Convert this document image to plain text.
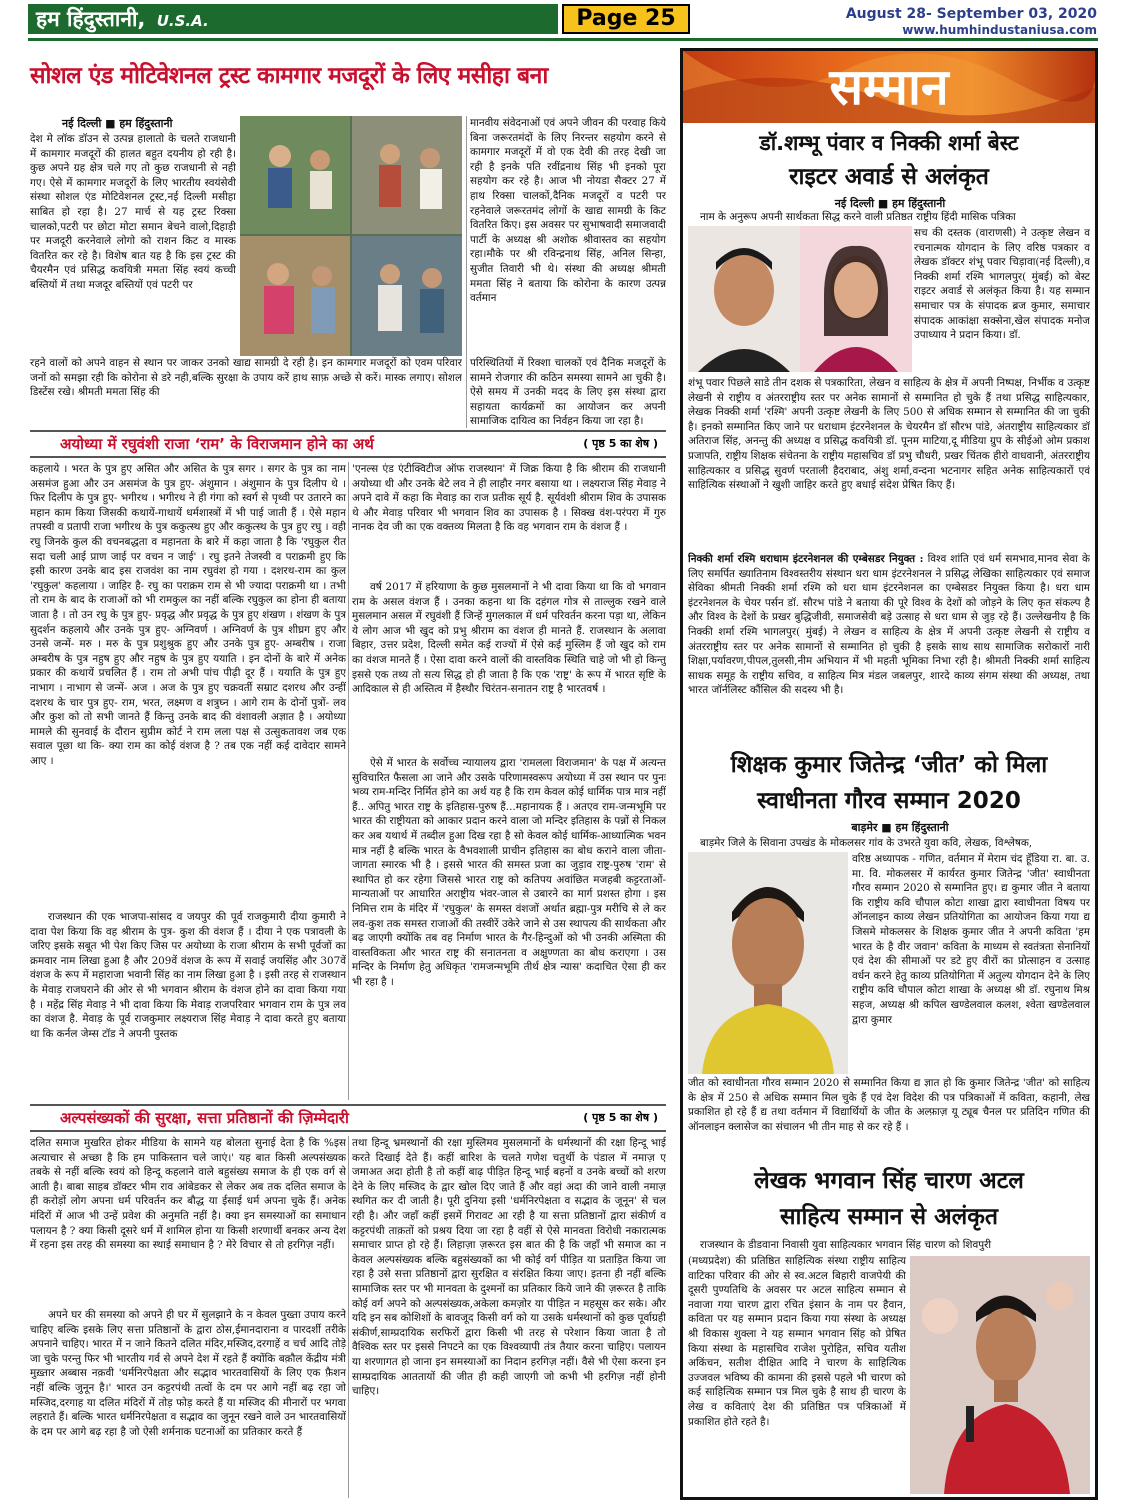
हम हिंदुस्तानी, U.S.A.	Page 25	August 28- September 03, 2020
www.humhindustaniusa.com
सोशल एंड मोटिवेशनल ट्रस्ट कामगार मजदूरों के लिए मसीहा बना
नई दिल्ली ■ हम हिंदुस्तानी
देश मे लॉक डॉउन से उत्पन्न हालातो के चलते राजधानी में कामगार मजदूरों की हालत बहुत दयनीय हो रही है।कुछ अपने ग्रह क्षेत्र चले गए तो कुछ राजधानी से नही गए। ऐसे में कामगार मजदूरों के लिए भारतीय स्वयंसेवी संस्था सोशल एंड मोटिवेशनल ट्रस्ट,नई दिल्ली मसीहा साबित हो रहा है। 27 मार्च से यह ट्रस्ट रिक्सा चालको,पटरी पर छोटा मोटा समान बेचने वालो,दिहाड़ी पर मजदूरी करनेवाले लोगो को राशन किट व मास्क वितरित कर रहे है। विशेष बात यह है कि इस ट्रस्ट की चैयरमैन एवं प्रसिद्ध कवयित्री ममता सिंह स्वयं कच्ची बस्तियों में तथा मजदूर बस्तियों एवं पटरी पर
रहने वालों को अपने वाहन से स्थान पर जाकर उनको खाद्य सामग्री दे रही है। इन कामगार मजदूरों को एवम परिवार जनों को समझा रही कि कोरोना से डरे नही,बल्कि सुरक्षा के उपाय करें हाथ साफ़ अच्छे से करें। मास्क लगाए। सोशल डिस्टेंस रखे। श्रीमती ममता सिंह की
मानवीय संवेदनाओं एवं अपने जीवन की परवाह किये बिना जरूरतमंदों के लिए निरन्तर सहयोग करने से कामगार मजदूरों में वो एक देवी की तरह देखी जा रही है इनके पति रवींद्रनाथ सिंह भी इनको पूरा सहयोग कर रहे है। आज भी नोयडा सैक्टर 27 में हाथ रिक्सा चालकों,दैनिक मजदूरों व पटरी पर रहनेवाले जरूरतमंद लोगों के खाद्य सामग्री के किट वितरित किए। इस अवसर पर सुभाषवादी समाजवादी पार्टी के अध्यक्ष श्री अशोक श्रीवास्तव का सहयोग रहा।मौके पर श्री रविन्द्रनाथ सिंह, अनिल सिन्हा, सुजीत तिवारी भी थे। संस्था की अध्यक्ष श्रीमती ममता सिंह ने बताया कि कोरोना के कारण उत्पन्न वर्तमान
परिस्थितियों में रिक्शा चालकों एवं दैनिक मजदूरों के सामने रोजगार की कठिन समस्या सामने आ चुकी है। ऐसे समय में उनकी मदद के लिए इस संस्था द्वारा सहायता कार्यक्रमों का आयोजन कर अपनी सामाजिक दायित्व का निर्वहन किया जा रहा है।
अयोध्या में रघुवंशी राजा ‘राम’ के विराजमान होने का अर्थ	( पृष्ठ 5 का शेष )
कहलाये । भरत के पुत्र हुए असित और असित के पुत्र सगर । सगर के पुत्र का नाम असमंज हुआ और उन असमंज के पुत्र हुए- अंशुमान । अंशुमान के पुत्र दिलीप थे । फिर दिलीप के पुत्र हुए- भगीरथ । भगीरथ ने ही गंगा को स्वर्ग से पृथ्वी पर उतारने का महान काम किया जिसकी कथायें-गाथायें धर्मशास्त्रों में भी पाई जाती हैं । ऐसे महान तपस्वी व प्रतापी राजा भगीरथ के पुत्र ककुत्स्थ हुए और ककुत्स्थ के पुत्र हुए रघु । वही रघु जिनके कुल की वचनबद्धता व महानता के बारे में कहा जाता है कि 'रघुकुल रीत सदा चली आई प्राण जाई पर वचन न जाई' । रघु इतने तेजस्वी व पराक्रमी हुए कि इसी कारण उनके बाद इस राजवंश का नाम रघुवंश हो गया । दशरथ-राम का कुल 'रघुकुल' कहलाया । जाहिर है- रघु का पराक्रम राम से भी ज्यादा पराक्रमी था । तभी तो राम के बाद के राजाओं को भी रामकुल का नहीं बल्कि रघुकुल का होना ही बताया जाता है । तो उन रघु के पुत्र हुए- प्रवृद्ध और प्रवृद्ध के पुत्र हुए शंखण । शंखण के पुत्र सुदर्शन कहलाये और उनके पुत्र हुए- अग्निवर्ण । अग्निवर्ण के पुत्र शीघ्रग हुए और उनसे जन्में- मरु । मरु के पुत्र प्रशुश्रुक हुए और उनके पुत्र हुए- अम्बरीष । राजा अम्बरीष के पुत्र नहुष हुए और नहुष के पुत्र हुए ययाति । इन दोनों के बारे में अनेक प्रकार की कथायें प्रचलित हैं । राम तो अभी पांच पीढ़ी दूर हैं । ययाति के पुत्र हुए नाभाग । नाभाग से जन्में- अज । अज के पुत्र हुए चक्रवर्ती सम्राट दशरथ और उन्हीं दशरथ के चार पुत्र हुए- राम, भरत, लक्ष्मण व शत्रुघ्न । आगे राम के दोनों पुत्रों- लव और कुश को तो सभी जानते हैं किन्तु उनके बाद की वंशावली अज्ञात है । अयोध्या मामले की सुनवाई के दौरान सुप्रीम कोर्ट ने राम लला पक्ष से उत्सुकतावश जब एक सवाल पूछा था कि- क्या राम का कोई वंशज है ? तब एक नहीं कई दावेदार सामने आए ।
राजस्थान की एक भाजपा-सांसद व जयपुर की पूर्व राजकुमारी दीया कुमारी ने दावा पेश किया कि वह श्रीराम के पुत्र- कुश की वंशज हैं । दीया ने एक पत्रावली के जरिए इसके सबूत भी पेश किए जिस पर अयोध्या के राजा श्रीराम के सभी पूर्वजों का क्रमवार नाम लिखा हुआ है और 209वें वंशज के रूप में सवाई जयसिंह और 307वें वंशज के रूप में महाराजा भवानी सिंह का नाम लिखा हुआ है । इसी तरह से राजस्थान के मेवाड़ राजघराने की ओर से भी भगवान श्रीराम के वंशज होने का दावा किया गया है । महेंद्र सिंह मेवाड़ ने भी दावा किया कि मेवाड़ राजपरिवार भगवान राम के पुत्र लव का वंशज है. मेवाड़ के पूर्व राजकुमार लक्ष्यराज सिंह मेवाड़ ने दावा करते हुए बताया था कि कर्नल जेम्स टॉड ने अपनी पुस्तक
'एनल्स एंड एंटीक्विटीज ऑफ राजस्थान' में जिक्र किया है कि श्रीराम की राजधानी अयोध्या थी और उनके बेटे लव ने ही लाहौर नगर बसाया था । लक्ष्यराज सिंह मेवाड़ ने अपने दावे में कहा कि मेवाड़ का राज प्रतीक सूर्य है. सूर्यवंशी श्रीराम शिव के उपासक थे और मेवाड़ परिवार भी भगवान शिव का उपासक है । सिक्ख वंश-परंपरा में गुरु नानक देव जी का एक वक्तव्य मिलता है कि वह भगवान राम के वंशज हैं ।
वर्ष 2017 में हरियाणा के कुछ मुसलमानों ने भी दावा किया था कि वो भगवान राम के असल वंशज हैं । उनका कहना था कि दहंगल गोत्र से ताल्लुक रखने वाले मुसलमान असल में रघुवंशी हैं जिन्हें मुगलकाल में धर्म परिवर्तन करना पड़ा था, लेकिन ये लोग आज भी खुद को प्रभु श्रीराम का वंशज ही मानते हैं. राजस्थान के अलावा बिहार, उत्तर प्रदेश, दिल्ली समेत कई राज्यों में ऐसे कई मुस्लिम हैं जो खुद को राम का वंशज मानते हैं । ऐसा दावा करने वालों की वास्तविक स्थिति चाहे जो भी हो किन्तु इससे एक तथ्य तो सत्य सिद्ध हो ही जाता है कि एक 'राष्ट्र' के रूप में भारत सृष्टि के आदिकाल से ही अस्तित्व में हैस्थौर चिरंतन-सनातन राष्ट्र है भारतवर्ष ।
ऐसे में भारत के सर्वोच्च न्यायालय द्वारा 'रामलला विराजमान' के पक्ष में अत्यन्त सुविचारित फैसला आ जाने और उसके परिणामस्वरूप अयोध्या में उस स्थान पर पुनः भव्य राम-मन्दिर निर्मित होने का अर्थ यह है कि राम केवल कोई धार्मिक पात्र मात्र नहीं हैं.. अपितु भारत राष्ट्र के इतिहास-पुरुष हैं...महानायक हैं । अतएव राम-जन्मभूमि पर भारत की राष्ट्रीयता को आकार प्रदान करने वाला जो मन्दिर इतिहास के पन्नों से निकल कर अब यथार्थ में तब्दील हुआ दिख रहा है सो केवल कोई धार्मिक-आध्यात्मिक भवन मात्र नहीं है बल्कि भारत के वैभवशाली प्राचीन इतिहास का बोध कराने वाला जीता-जागता स्मारक भी है । इससे भारत की समस्त प्रजा का जुड़ाव राष्ट्र-पुरुष 'राम' से स्थापित हो कर रहेगा जिससे भारत राष्ट्र को कतिपय अवांछित मजहबी कट्टरताओं-मान्यताओं पर आधारित अराष्ट्रीय भंवर-जाल से उबारने का मार्ग प्रशस्त होगा । इस निमित्त राम के मंदिर में 'रघुकुल' के समस्त वंशजों अर्थात ब्रह्मा-पुत्र मरीचि से ले कर लव-कुश तक समस्त राजाओं की तस्वीरें उकेरे जाने से उस स्थापत्य की सार्थकता और बढ़ जाएगी क्योंकि तब वह निर्माण भारत के गैर-हिन्दुओं को भी उनकी अस्मिता की वास्तविकता और भारत राष्ट्र की सनातनता व अक्षुण्णता का बोध कराएगा । उस मन्दिर के निर्माण हेतु अधिकृत 'रामजन्मभूमि तीर्थ क्षेत्र न्यास' कदाचित ऐसा ही कर भी रहा है ।
अल्पसंख्यकों की सुरक्षा, सत्ता प्रतिष्ठानों की ज़िम्मेदारी	( पृष्ठ 5 का शेष )
दलित समाज मुखरित होकर मीडिया के सामने यह बोलता सुनाई देता है कि %इस अत्याचार से अच्छा है कि हम पाकिस्तान चले जाएं।' यह बात किसी अल्पसंख्यक तबके से नहीं बल्कि स्वयं को हिन्दू कहलाने वाले बहुसंख्य समाज के ही एक वर्ग से आती है। बाबा साहब डॉक्टर भीम राव आंबेडकर से लेकर अब तक दलित समाज के ही करोड़ों लोग अपना धर्म परिवर्तन कर बौद्ध या ईसाई धर्म अपना चुके हैं। अनेक मंदिरों में आज भी उन्हें प्रवेश की अनुमति नहीं है। क्या इन समस्याओं का समाधान पलायन है ? क्या किसी दूसरे धर्म में शामिल होना या किसी शरणार्थी बनकर अन्य देश में रहना इस तरह की समस्या का स्थाई समाधान है ? मेरे विचार से तो हरगिज़ नहीं।
अपने घर की समस्या को अपने ही घर में सुलझाने के न केवल पुख्ता उपाय करने चाहिए बल्कि इसके लिए सत्ता प्रतिष्ठानों के द्वारा ठोस,ईमानदाराना व पारदर्शी तरीके अपनाने चाहिए। भारत में न जाने कितने दलित मंदिर,मस्जिद,दरगाहें व चर्च आदि तोड़े जा चुके परन्तु फिर भी भारतीय गर्व से अपने देश में रहते हैं क्योंकि बक़ौल केंद्रीय मंत्री मुख़्तार अब्बास नक़वी 'धर्मनिरपेक्षता और सद्भाव भारतवासियों के लिए एक फ़ैशन नहीं बल्कि जुनून है।' भारत उन कट्टरपंथी तत्वों के दम पर आगे नहीं बढ़ रहा जो मस्जिद,दरगाह या दलित मंदिरों में तोड़ फोड़ करते हैं या मस्जिद की मीनारों पर भगवा लहराते हैं। बल्कि भारत धर्मनिरपेक्षता व सद्भाव का जुनून रखने वाले उन भारतवासियों के दम पर आगे बढ़ रहा है जो ऐसी शर्मनाक घटनाओं का प्रतिकार करते हैं
तथा हिन्दू भ्रमस्थानों की रक्षा मुस्लिमव मुसलमानों के धर्मस्थानों की रक्षा हिन्दू भाई करते दिखाई देते हैं। कहीं बारिश के चलते गणेश चतुर्थी के पंडाल में नमाज़ ए जमाअत अदा होती है तो कहीं बाढ़ पीड़ित हिन्दू भाई बहनों व उनके बच्चों को शरण देने के लिए मस्जिद के द्वार खोल दिए जाते हैं और वहां अदा की जाने वाली नमाज़ स्थगित कर दी जाती है। पूरी दुनिया इसी 'धर्मनिरपेक्षता व सद्भाव के जूनून' से चल रही है। और जहाँ कहीं इसमें गिरावट आ रही है या सत्ता प्रतिष्ठानों द्वारा संकीर्ण व कट्टरपंथी ताक़तों को प्रश्रय दिया जा रहा है वहीं से ऐसे मानवता विरोधी नकारात्मक समाचार प्राप्त हो रहे हैं। लिहाज़ा ज़रूरत इस बात की है कि जहाँ भी समाज का न केवल अल्पसंख्यक बल्कि बहुसंख्यकों का भी कोई वर्ग पीड़ित या प्रताड़ित किया जा रहा है उसे सत्ता प्रतिष्ठानों द्वारा सुरक्षित व संरक्षित किया जाए। इतना ही नहीं बल्कि सामाजिक स्तर पर भी मानवता के दुश्मनों का प्रतिकार किये जाने की ज़रूरत है ताकि कोई वर्ग अपने को अल्पसंख्यक,अकेला कमज़ोर या पीड़ित न महसूस कर सके। और यदि इन सब कोशिशों के बावजूद किसी वर्ग को या उसके धर्मस्थानों को कुछ पूर्वाग्रही संकीर्ण,साम्प्रदायिक सरफिरों द्वारा किसी भी तरह से परेशान किया जाता है तो वैश्विक स्तर पर इससे निपटने का एक विश्वव्यापी तंत्र तैयार करना चाहिए। पलायन या शरणागत हो जाना इन समस्याओं का निदान हरगिज़ नहीं। वैसे भी ऐसा करना इन साम्प्रदायिक आततायों की जीत ही कही जाएगी जो कभी भी हरगिज़ नहीं होनी चाहिए।
सम्मान
डॉ.शम्भू पंवार व निक्की शर्मा बेस्ट
राइटर अवार्ड से अलंकृत
नई दिल्ली ■ हम हिंदुस्तानी
नाम के अनुरूप अपनी सार्थकता सिद्ध करने वाली प्रतिष्ठत राष्ट्रीय हिंदी मासिक पत्रिका
सच की दस्तक (वाराणसी) ने उत्कृष्ट लेखन व रचनात्मक योगदान के लिए वरिष्ठ पत्रकार व लेखक डॉक्टर शंभू पवार चिड़ावा(नई दिल्ली),व निक्की शर्मा रश्मि भागलपुर( मुंबई) को बेस्ट राइटर अवार्ड से अलंकृत किया है। यह सम्मान समाचार पत्र के संपादक ब्रज कुमार, समाचार संपादक आकांक्षा सक्सेना,खेल संपादक मनोज उपाध्याय ने प्रदान किया। डॉ.
शंभू पवार पिछले साडे तीन दशक से पत्रकारिता, लेखन व साहित्य के क्षेत्र में अपनी निष्पक्ष, निर्भीक व उत्कृष्ट लेखनी से राष्ट्रीय व अंतरराष्ट्रीय स्तर पर अनेक सामानों से सम्मानित हो चुके हैं तथा प्रसिद्ध साहित्यकार, लेखक निक्की शर्मा 'रश्मि' अपनी उत्कृष्ट लेखनी के लिए 500 से अधिक सम्मान से सम्मानित की जा चुकी है। इनको सम्मानित किए जाने पर धराधाम इंटरनेशनल के चेयरमैन डॉ सौरभ पांडे, अंतराष्ट्रीय साहित्यकार डॉ अतिराज सिंह, अनन्तु की अध्यक्ष व प्रसिद्ध कवयित्री डॉ. पूनम माटिया,दू मीडिया ग्रुप के सीईओ ओम प्रकाश प्रजापति, राष्ट्रीय शिक्षक संचेतना के राष्ट्रीय महासचिव डॉ प्रभु चौधरी, प्रखर चिंतक हीरो वाधवानी, अंतरराष्ट्रीय साहित्यकार व प्रसिद्ध सुवर्ण परताली हैदराबाद, अंशु शर्मा,वन्दना भटनागर सहित अनेक साहित्यकारों एवं साहित्यिक संस्थाओं ने खुशी जाहिर करते हुए बधाई संदेश प्रेषित किए हैं।
निक्की शर्मा रश्मि धराधाम इंटरनेशनल की एम्बेसडर नियुक्त : विश्व शांति एवं धर्म समभाव,मानव सेवा के लिए समर्पित ख्यातिनाम विश्वस्तरीय संस्थान धरा धाम इंटरनेशनल ने प्रसिद्ध लेखिका साहित्यकार एवं समाज सेविका श्रीमती निक्की शर्मा रश्मि को धरा धाम इंटरनेशनल का एम्बेसडर नियुक्त किया है। धरा धाम इंटरनेशनल के चेयर पर्सन डॉ. सौरभ पांडे ने बताया की पूरे विश्व के देशों को जोड़ने के लिए कृत संकल्प है और विश्व के देशों के प्रखर बुद्धिजीवी, समाजसेवी बड़े उत्साह से धरा धाम से जुड़ रहे हैं। उल्लेखनीय है कि निक्की शर्मा रश्मि भागलपुर( मुंबई) ने लेखन व साहित्य के क्षेत्र में अपनी उत्कृष्ट लेखनी से राष्ट्रीय व अंतरराष्ट्रीय स्तर पर अनेक सामानों से सम्मानित हो चुकी है इसके साथ साथ सामाजिक सरोकारों नारी शिक्षा,पर्यावरण,पीपल,तुलसी,नीम अभियान में भी महती भूमिका निभा रही है। श्रीमती निक्की शर्मा साहित्य साधक समूह के राष्ट्रीय सचिव, व साहित्य मित्र मंडल जबलपुर, शारदे काव्य संगम संस्था की अध्यक्ष, तथा भारत जॉर्नलिस्ट कौंसिल की सदस्य भी है।
शिक्षक कुमार जितेन्द्र ‘जीत’ को मिला
स्वाधीनता गौरव सम्मान 2020
बाड़मेर ■ हम हिंदुस्तानी
बाड़मेर जिले के सिवाना उपखंड के मोकलसर गांव के उभरते युवा कवि, लेखक, विश्लेषक,
वरिष्ठ अध्यापक - गणित, वर्तमान में मेराम चंद हूँडिया रा. बा. उ. मा. वि. मोकलसर में कार्यरत कुमार जितेन्द्र 'जीत' स्वाधीनता गौरव सम्मान 2020 से सम्मानित हुए। द्य कुमार जीत ने बताया कि राष्ट्रीय कवि चौपाल कोटा शाखा द्वारा स्वाधीनता विषय पर ऑनलाइन काव्य लेखन प्रतियोगिता का आयोजन किया गया द्य जिसमे मोकलसर के शिक्षक कुमार जीत ने अपनी कविता 'हम भारत के है वीर जवान' कविता के माध्यम से स्वतंत्रता सेनानियों एवं देश की सीमाओं पर डटे हुए वीरों का प्रोत्साहन व उत्साह वर्धन करने हेतु काव्य प्रतियोगिता में अतुल्य योगदान देने के लिए राष्ट्रीय कवि चौपाल कोटा शाखा के अध्यक्ष श्री डॉ. रघुनाथ मिश्र सहज, अध्यक्ष श्री कपिल खण्डेलवाल कलश, श्वेता खण्डेलवाल द्वारा कुमार
जीत को स्वाधीनता गौरव सम्मान 2020 से सम्मानित किया द्य ज्ञात हो कि कुमार जितेन्द्र 'जीत' को साहित्य के क्षेत्र में 250 से अधिक सम्मान मिल चुके हैं एवं देश विदेश की पत्र पत्रिकाओं में कविता, कहानी, लेख प्रकाशित हो रहे हैं द्य तथा वर्तमान में विद्यार्थियों के जीत के अल्फ़ाज़ यू ट्यूब चैनल पर प्रतिदिन गणित की ऑनलाइन क्लासेज का संचालन भी तीन माह से कर रहे हैं ।
लेखक भगवान सिंह चारण अटल
साहित्य सम्मान से अलंकृत
राजस्थान के डीडवाना निवासी युवा साहित्यकार भगवान सिंह चारण को शिवपुरी
(मध्यप्रदेश) की प्रतिष्ठित साहित्यिक संस्था राष्ट्रीय साहित्य वाटिका परिवार की ओर से स्व.अटल बिहारी वाजपेयी की दूसरी पुण्यतिथि के अवसर पर अटल साहित्य सम्मान से नवाजा गया चारण द्वारा रचित इंसान के नाम पर हैवान, कविता पर यह सम्मान प्रदान किया गया संस्था के अध्यक्ष श्री विकास शुक्ला ने यह सम्मान भगवान सिंह को प्रेषित किया संस्था के महासचिव राजेश पुरोहित, सचिव यतीश अकिंचन, सतीश दीक्षित आदि ने चारण के साहित्यिक उज्जवल भविष्य की कामना की इससे पहले भी चारण को कई साहित्यिक सम्मान पत्र मिल चुके है साथ ही चारण के लेख व कविताएं देश की प्रतिष्ठित पत्र पत्रिकाओं में प्रकाशित होते रहते है।
